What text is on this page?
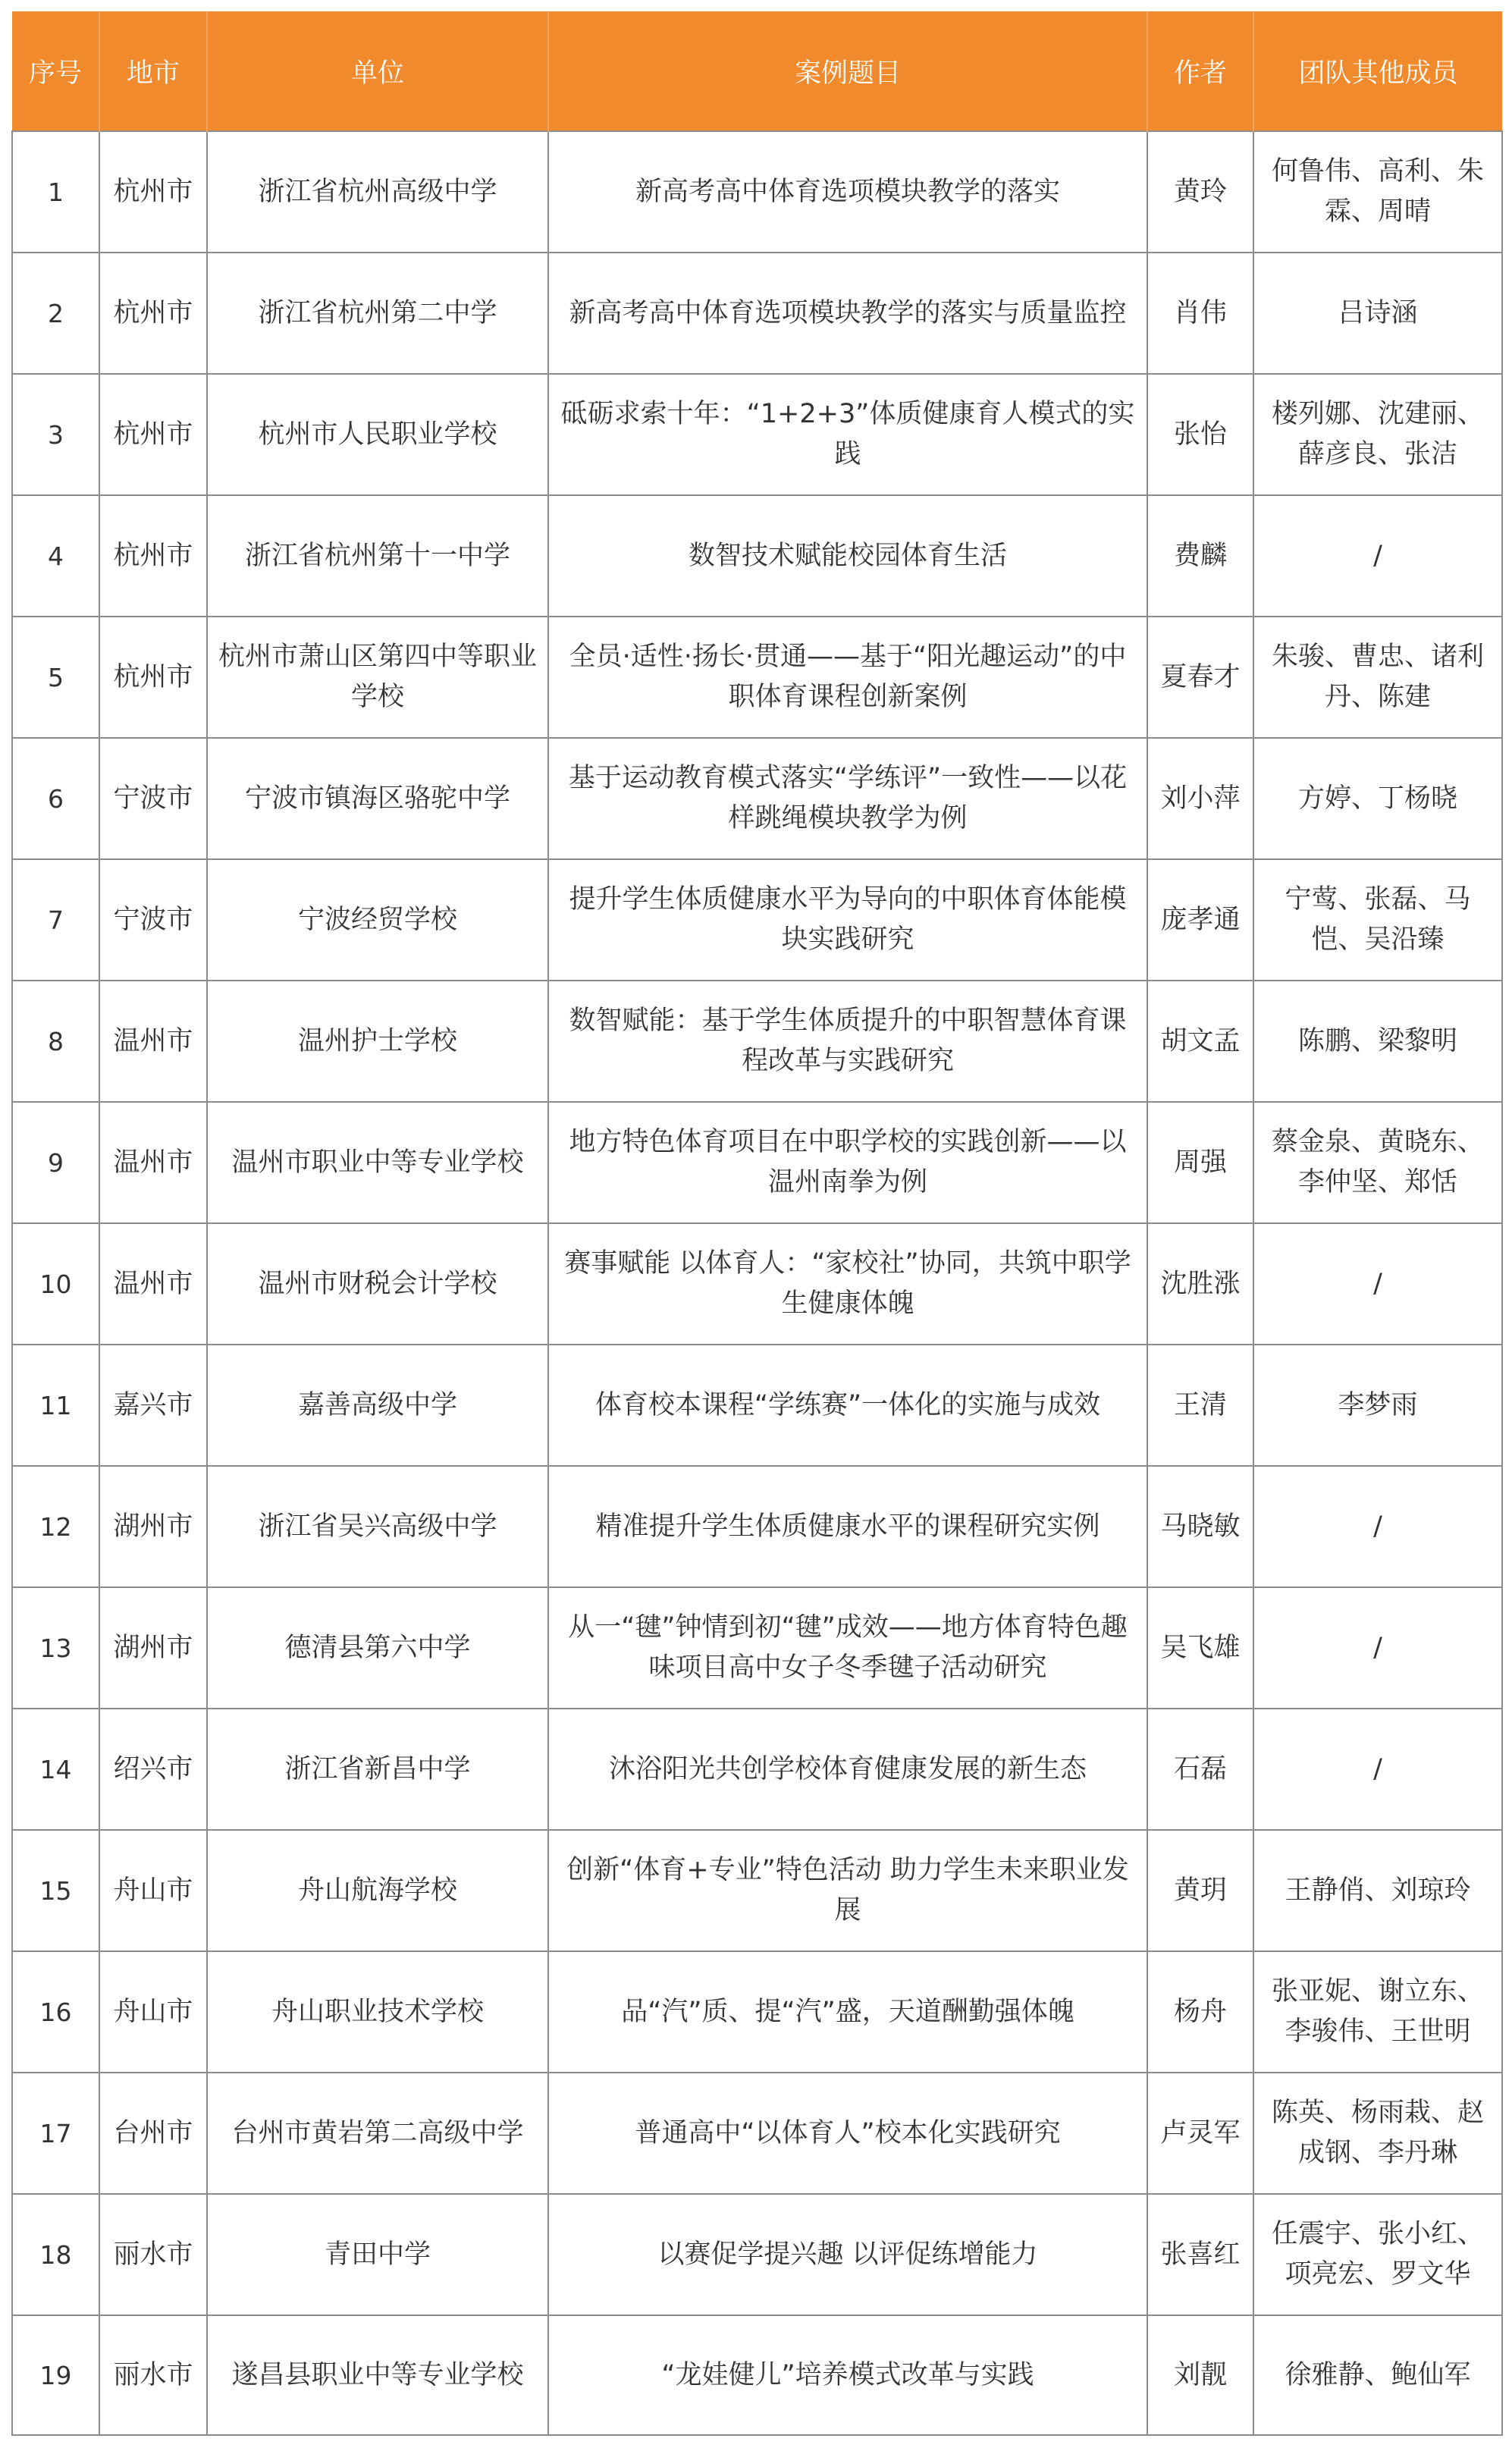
序号	地市	单位	案例题目	作者	团队其他成员
1	杭州市	浙江省杭州高级中学	新高考高中体育选项模块教学的落实	黄玲	何鲁伟、高利、朱霖、周晴
2	杭州市	浙江省杭州第二中学	新高考高中体育选项模块教学的落实与质量监控	肖伟	吕诗涵
3	杭州市	杭州市人民职业学校	砥砺求索十年：“1+2+3”体质健康育人模式的实践	张怡	楼列娜、沈建丽、薛彦良、张洁
4	杭州市	浙江省杭州第十一中学	数智技术赋能校园体育生活	费麟	/
5	杭州市	杭州市萧山区第四中等职业学校	全员·适性·扬长·贯通——基于“阳光趣运动”的中职体育课程创新案例	夏春才	朱骏、曹忠、诸利丹、陈建
6	宁波市	宁波市镇海区骆驼中学	基于运动教育模式落实“学练评”一致性——以花样跳绳模块教学为例	刘小萍	方婷、丁杨晓
7	宁波市	宁波经贸学校	提升学生体质健康水平为导向的中职体育体能模块实践研究	庞孝通	宁莺、张磊、马恺、吴沿臻
8	温州市	温州护士学校	数智赋能：基于学生体质提升的中职智慧体育课程改革与实践研究	胡文孟	陈鹏、梁黎明
9	温州市	温州市职业中等专业学校	地方特色体育项目在中职学校的实践创新——以温州南拳为例	周强	蔡金泉、黄晓东、李仲坚、郑恬
10	温州市	温州市财税会计学校	赛事赋能 以体育人：“家校社”协同，共筑中职学生健康体魄	沈胜涨	/
11	嘉兴市	嘉善高级中学	体育校本课程“学练赛”一体化的实施与成效	王清	李梦雨
12	湖州市	浙江省吴兴高级中学	精准提升学生体质健康水平的课程研究实例	马晓敏	/
13	湖州市	德清县第六中学	从一“毽”钟情到初“毽”成效——地方体育特色趣味项目高中女子冬季毽子活动研究	吴飞雄	/
14	绍兴市	浙江省新昌中学	沐浴阳光共创学校体育健康发展的新生态	石磊	/
15	舟山市	舟山航海学校	创新“体育+专业”特色活动 助力学生未来职业发展	黄玥	王静俏、刘琼玲
16	舟山市	舟山职业技术学校	品“汽”质、提“汽”盛，天道酬勤强体魄	杨舟	张亚妮、谢立东、李骏伟、王世明
17	台州市	台州市黄岩第二高级中学	普通高中“以体育人”校本化实践研究	卢灵军	陈英、杨雨栽、赵成钢、李丹琳
18	丽水市	青田中学	以赛促学提兴趣 以评促练增能力	张喜红	任震宇、张小红、项亮宏、罗文华
19	丽水市	遂昌县职业中等专业学校	“龙娃健儿”培养模式改革与实践	刘靓	徐雅静、鲍仙军
